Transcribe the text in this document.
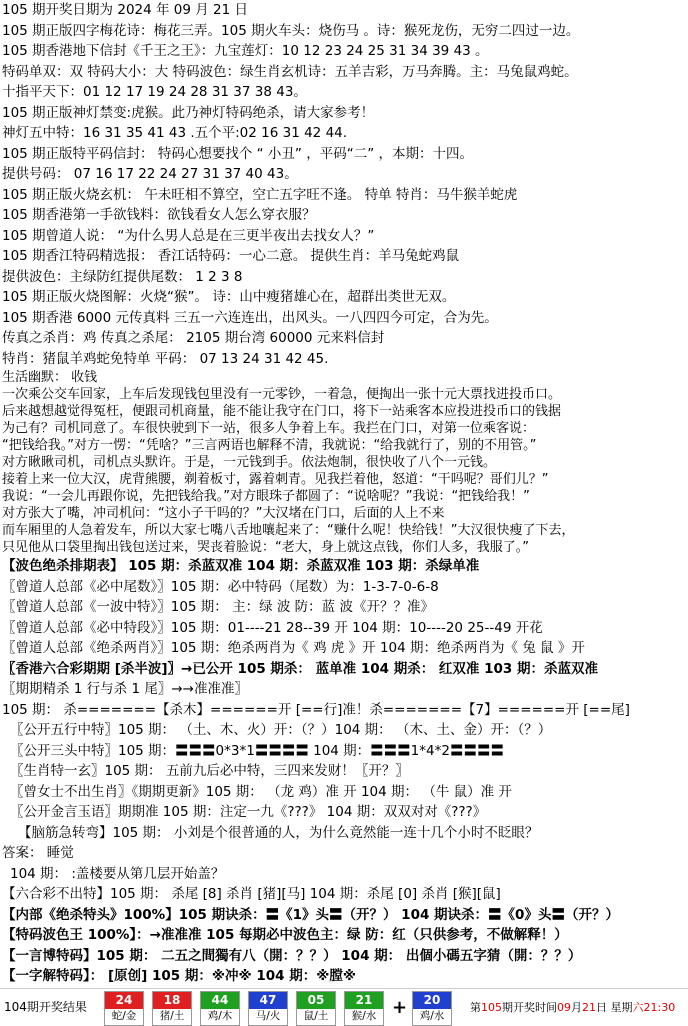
105 期开奖日期为 2024 年 09 月 21 日
105 期正版四字梅花诗：梅花三弄。105 期火车头：烧伤马 。诗：猴死龙伤，无穷二四过一边。
105 期香港地下信封《千王之王》：九宝莲灯：10 12 23 24 25 31 34 39 43 。
特码单双：双 特码大小：大 特码波色：绿生肖玄机诗：五羊吉彩，万马奔腾。主：马兔鼠鸡蛇。
十指平天下：01 12 17 19 24 28 31 37 38 43。
105 期正版神灯禁变:虎猴。此乃神灯特码绝杀，请大家参考！
神灯五中特：16 31 35 41 43 .五个平:02 16 31 42 44.
105 期正版特平码信封： 特码心想要找个 “ 小丑” ，平码“二” ，本期：十四。
提供号码： 07 16 17 22 24 27 31 37 40 43。
105 期正版火烧玄机： 午未旺相不算空，空亡五字旺不逢。 特单 特肖：马牛猴羊蛇虎
105 期香港第一手欲钱料：欲钱看女人怎么穿衣服？
105 期曾道人说： “为什么男人总是在三更半夜出去找女人？”
105 期香江特码精选报： 香江话特码：一心二意。 提供生肖：羊马兔蛇鸡鼠
提供波色：主绿防红提供尾数： 1 2 3 8
105 期正版火烧图解：火烧“猴”。 诗：山中瘦猪雄心在，超群出类世无双。
105 期香港 6000 元传真料 三五一六连连出，出风头。一八四四今可定，合为先。
传真之杀肖：鸡 传真之杀尾： 2105 期台湾 60000 元来料信封
特肖：猪鼠羊鸡蛇免特单 平码： 07 13 24 31 42 45.
生活幽默： 收钱
一次乘公交车回家，上车后发现钱包里没有一元零钞，一着急，便掏出一张十元大票找进投币口。
后来越想越觉得冤枉，便跟司机商量，能不能让我守在门口，将下一站乘客本应投进投币口的钱据
为己有？司机同意了。车很快驶到下一站，很多人争着上车。我拦在门口，对第一位乘客说：
“把钱给我。”对方一愣：“凭啥？”三言两语也解释不清，我就说：“给我就行了，别的不用管。”
对方瞅瞅司机，司机点头默许。于是，一元钱到手。依法炮制，很快收了八个一元钱。
接着上来一位大汉，虎背熊腰，剃着板寸，露着刺青。见我拦着他，怒道：“干吗呢？哥们儿？”
我说：“一会儿再跟你说，先把钱给我。”对方眼珠子都圆了：“说啥呢？”我说：“把钱给我！”
对方张大了嘴，冲司机问：“这小子干吗的？”大汉堵在门口，后面的人上不来
而车厢里的人急着发车，所以大家七嘴八舌地嚷起来了：“赚什么呢！快给钱！”大汉很快瘦了下去，
只见他从口袋里掏出钱包送过来，哭丧着脸说：“老大，身上就这点钱，你们人多，我服了。”
【波色绝杀排期表】 105 期：杀蓝双准 104 期：杀蓝双准 103 期：杀绿单准
〖曾道人总部《必中尾数》〗105 期：必中特码（尾数）为：1-3-7-0-6-8
〖曾道人总部《一波中特》〗105 期： 主：绿 波 防：蓝 波《开？？准》
〖曾道人总部《必中特段》〗105 期：01----21 28--39 开 104 期：10----20 25--49 开花
〖曾道人总部《绝杀两肖》〗105 期：绝杀两肖为《 鸡 虎 》开 104 期：绝杀两肖为《 兔 鼠 》开
〖香港六合彩期期 [杀半波]〗→已公开 105 期杀： 蓝单准 104 期杀： 红双准 103 期：杀蓝双准
〖期期精杀 1 行与杀 1 尾〗→→准准准〗
105 期： 杀=======【杀木】======开 [==行]准！杀=======【7】======开 [==尾]
〖公开五行中特〗105 期： （土、木、火）开：（？）104 期： （木、土、金）开：（？）
〖公开三头中特〗105 期：〓〓〓0*3*1〓〓〓〓 104 期：〓〓〓1*4*2〓〓〓〓
〖生肖特一玄〗105 期： 五前九后必中特，三四来发财！〖开？〗
〖曾女士不出生肖〗《期期更新》105 期： （龙 鸡）准 开 104 期： （牛 鼠）准 开
〖公开金言玉语〗期期准 105 期：注定一九《???》 104 期：双双对对《???》
【脑筋急转弯】105 期： 小刘是个很普通的人，为什么竟然能一连十几个小时不眨眼？
答案： 睡觉
104 期： :盖楼要从第几层开始盖？
【六合彩不出特】105 期： 杀尾 [8] 杀肖 [猪][马] 104 期：杀尾 [0] 杀肖 [猴][鼠]
【内部《绝杀特头》100%】105 期诀杀：〓《1》头〓（开？） 104 期诀杀：〓《0》头〓（开？）
【特码波色王 100%】：→准准准 105 每期必中波色主：绿 防：红（只供参考，不做解释！）
【一言博特码】105 期： 二五之間獨有八（開：？？） 104 期： 出個小碼五字猜（開：？？）
【一字解特码】： [原创] 105 期：※冲※ 104 期：※膛※
104期开奖结果	24
蛇/金
18
猪/土
44
鸡/木
47
马/火
05
鼠/土
21
猴/水
20
鸡/水
+	第105期开奖时间09月21日 星期六21:30
